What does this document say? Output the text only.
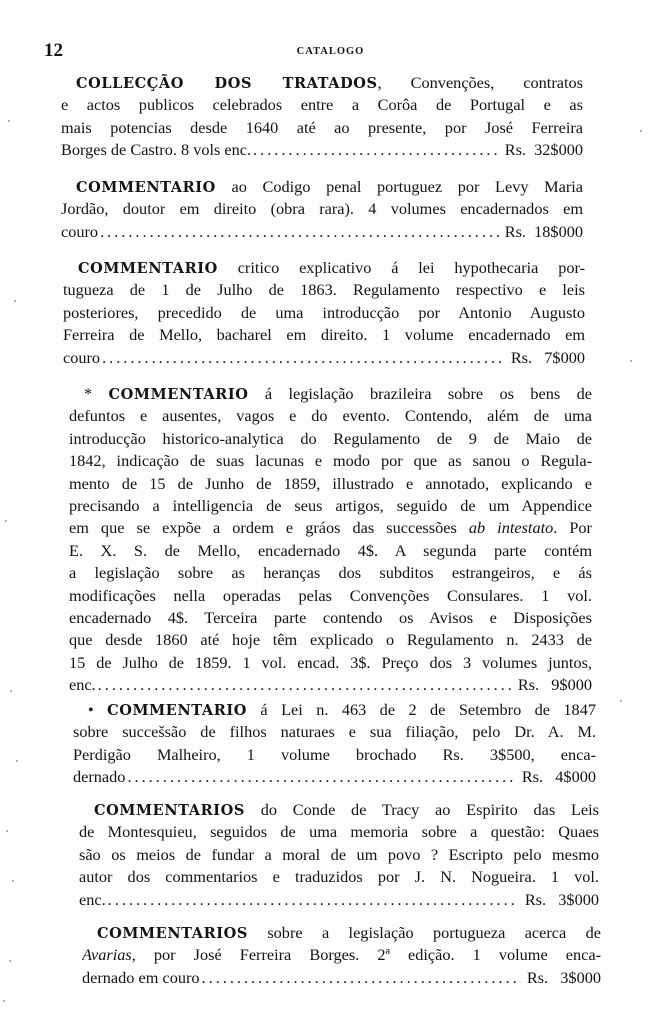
12	CATALOGO
COLLECÇÃO DOS TRATADOS, Convenções, contratos
e actos publicos celebrados entre a Corôa de Portugal e as
mais potencias desde 1640 até ao presente, por José Ferreira
Borges de Castro. 8 vols enc. .....	Rs.  32$000
COMMENTARIO ao Codigo penal portuguez por Levy Maria
Jordão, doutor em direito (obra rara). 4 volumes encadernados em
couro .....	Rs.  18$000
COMMENTARIO critico explicativo á lei hypothecaria por-
tugueza de 1 de Julho de 1863. Regulamento respectivo e leis
posteriores, precedido de uma introducção por Antonio Augusto
Ferreira de Mello, bacharel em direito. 1 volume encadernado em
couro .....	Rs.   7$000
* COMMENTARIO á legislação brazileira sobre os bens de
defuntos e ausentes, vagos e do evento. Contendo, além de uma
introducção historico-analytica do Regulamento de 9 de Maio de
1842, indicação de suas lacunas e modo por que as sanou o Regula-
mento de 15 de Junho de 1859, illustrado e annotado, explicando e
precisando a intelligencia de seus artigos, seguido de um Appendice
em que se expõe a ordem e gráos das successões ab intestato. Por
E. X. S. de Mello, encadernado 4$. A segunda parte contém
a legislação sobre as heranças dos subditos estrangeiros, e ás
modificações nella operadas pelas Convenções Consulares. 1 vol.
encadernado 4$. Terceira parte contendo os Avisos e Disposições
que desde 1860 até hoje têm explicado o Regulamento n. 2433 de
15 de Julho de 1859. 1 vol. encad. 3$. Preço dos 3 volumes juntos,
enc. .....	Rs.   9$000
• COMMENTARIO á Lei n. 463 de 2 de Setembro de 1847
sobre succešsão de filhos naturaes e sua filiação, pelo Dr. A. M.
Perdigão Malheiro, 1 volume brochado Rs. 3$500, enca-
dernado .....	Rs.   4$000
COMMENTARIOS do Conde de Tracy ao Espirito das Leis
de Montesquieu, seguidos de uma memoria sobre a questão: Quaes
são os meios de fundar a moral de um povo ? Escripto pelo mesmo
autor dos commentarios e traduzidos por J. N. Nogueira. 1 vol.
enc. .....	Rs.   3$000
COMMENTARIOS sobre a legislação portugueza acerca de
Avarias, por José Ferreira Borges. 2ª edição. 1 volume enca-
dernado em couro .....	Rs.   3$000
